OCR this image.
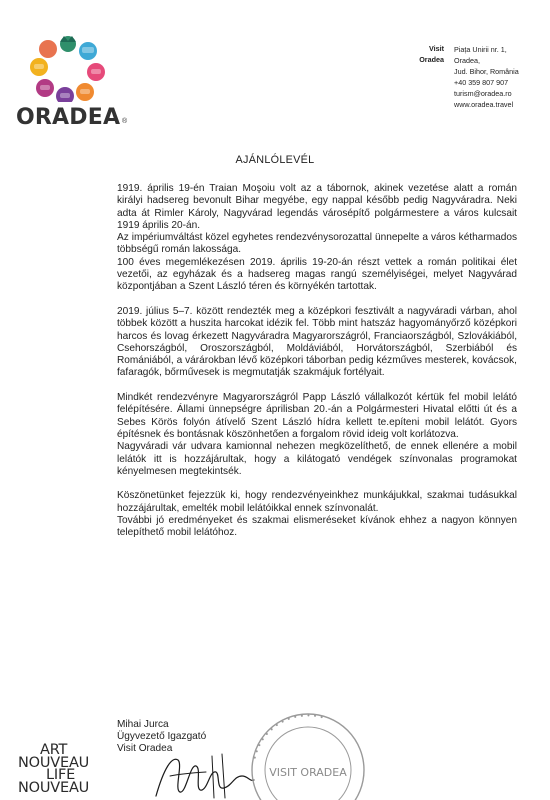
ORADEA ®
Visit
Oradea
Piața Unirii nr. 1,
Oradea,
Jud. Bihor, România
+40 359 807 907
turism@oradea.ro
www.oradea.travel
AJÁNLÓLEVÉL

1919. április 19-én Traian Moşoiu volt az a tábornok, akinek vezetése alatt a román királyi hadsereg bevonult Bihar megyébe, egy nappal később pedig Nagyváradra. Neki adta át Rimler Károly, Nagyvárad legendás városépítő polgármestere a város kulcsait 1919 április 20-án.

Az impériumváltást közel egyhetes rendezvénysorozattal ünnepelte a város kétharmados többségű román lakossága.

100 éves megemlékezésen 2019. április 19-20-án részt vettek a román politikai élet vezetői, az egyházak és a hadsereg magas rangú személyiségei, melyet Nagyvárad központjában a Szent László téren és környékén tartottak.

2019. július 5–7. között rendezték meg a középkori fesztivált a nagyváradi várban, ahol többek között a huszita harcokat idézik fel. Több mint hatszáz hagyományőrző középkori harcos és lovag érkezett Nagyváradra Magyarországról, Franciaországból, Szlovákiából, Csehországból, Oroszországból, Moldáviából, Horvátországból, Szerbiából és Romániából, a várárokban lévő középkori táborban pedig kézműves mesterek, kovácsok, fafaragók, bőrművesek is megmutatják szakmájuk fortélyait.

Mindkét rendezvényre Magyarországról Papp László vállalkozót kértük fel mobil lelátó felépítésére. Állami ünnepségre áprilisban 20.-án a Polgármesteri Hivatal előtti út és a Sebes Körös folyón átívelő Szent László hídra kellett te.epíteni mobil lelátót. Gyors építésnek és bontásnak köszönhetően a forgalom rövid ideig volt korlátozva.

Nagyváradi vár udvara kamionnal nehezen megközelíthető, de ennek ellenére a mobil lelátók itt is hozzájárultak, hogy a kilátogató vendégek színvonalas programokat kényelmesen megtekintsék.

Köszönetünket fejezzük ki, hogy rendezvényeinkhez munkájukkal, szakmai tudásukkal hozzájárultak, emelték mobil lelátóikkal ennek színvonalát.

További jó eredményeket és szakmai elismeréseket kívánok ehhez a nagyon könnyen telepíthető mobil lelátóhoz.

Mihai Jurca
Ügyvezető Igazgató
Visit Oradea
• • • • • • • • • • • • • •
VISIT ORADEA
ART
NOUVEAU
LIFE
NOUVEAU
